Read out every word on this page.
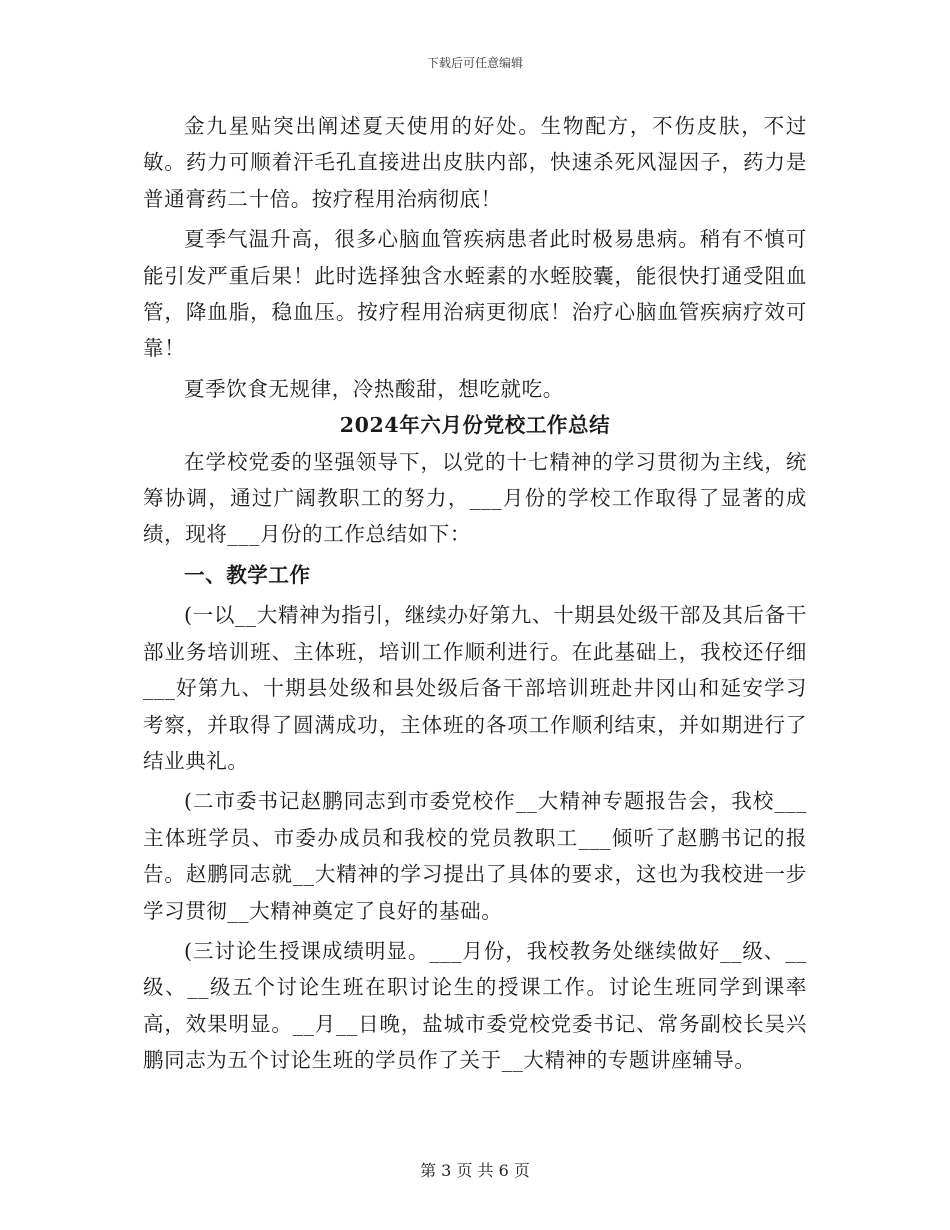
下载后可任意编辑

金九星贴突出阐述夏天使用的好处。生物配方，不伤皮肤，不过敏。药力可顺着汗毛孔直接进出皮肤内部，快速杀死风湿因子，药力是普通膏药二十倍。按疗程用治病彻底！

夏季气温升高，很多心脑血管疾病患者此时极易患病。稍有不慎可能引发严重后果！此时选择独含水蛭素的水蛭胶囊，能很快打通受阻血管，降血脂，稳血压。按疗程用治病更彻底！治疗心脑血管疾病疗效可靠！

夏季饮食无规律，冷热酸甜，想吃就吃。

2024年六月份党校工作总结

在学校党委的坚强领导下，以党的十七精神的学习贯彻为主线，统筹协调，通过广阔教职工的努力，___月份的学校工作取得了显著的成绩，现将___月份的工作总结如下：

一、教学工作

(一以__大精神为指引，继续办好第九、十期县处级干部及其后备干部业务培训班、主体班，培训工作顺利进行。在此基础上，我校还仔细___好第九、十期县处级和县处级后备干部培训班赴井冈山和延安学习考察，并取得了圆满成功，主体班的各项工作顺利结束，并如期进行了结业典礼。

(二市委书记赵鹏同志到市委党校作__大精神专题报告会，我校___主体班学员、市委办成员和我校的党员教职工___倾听了赵鹏书记的报告。赵鹏同志就__大精神的学习提出了具体的要求，这也为我校进一步学习贯彻__大精神奠定了良好的基础。

(三讨论生授课成绩明显。___月份，我校教务处继续做好__级、__级、__级五个讨论生班在职讨论生的授课工作。讨论生班同学到课率高，效果明显。__月__日晚，盐城市委党校党委书记、常务副校长吴兴鹏同志为五个讨论生班的学员作了关于__大精神的专题讲座辅导。

第 3 页 共 6 页
